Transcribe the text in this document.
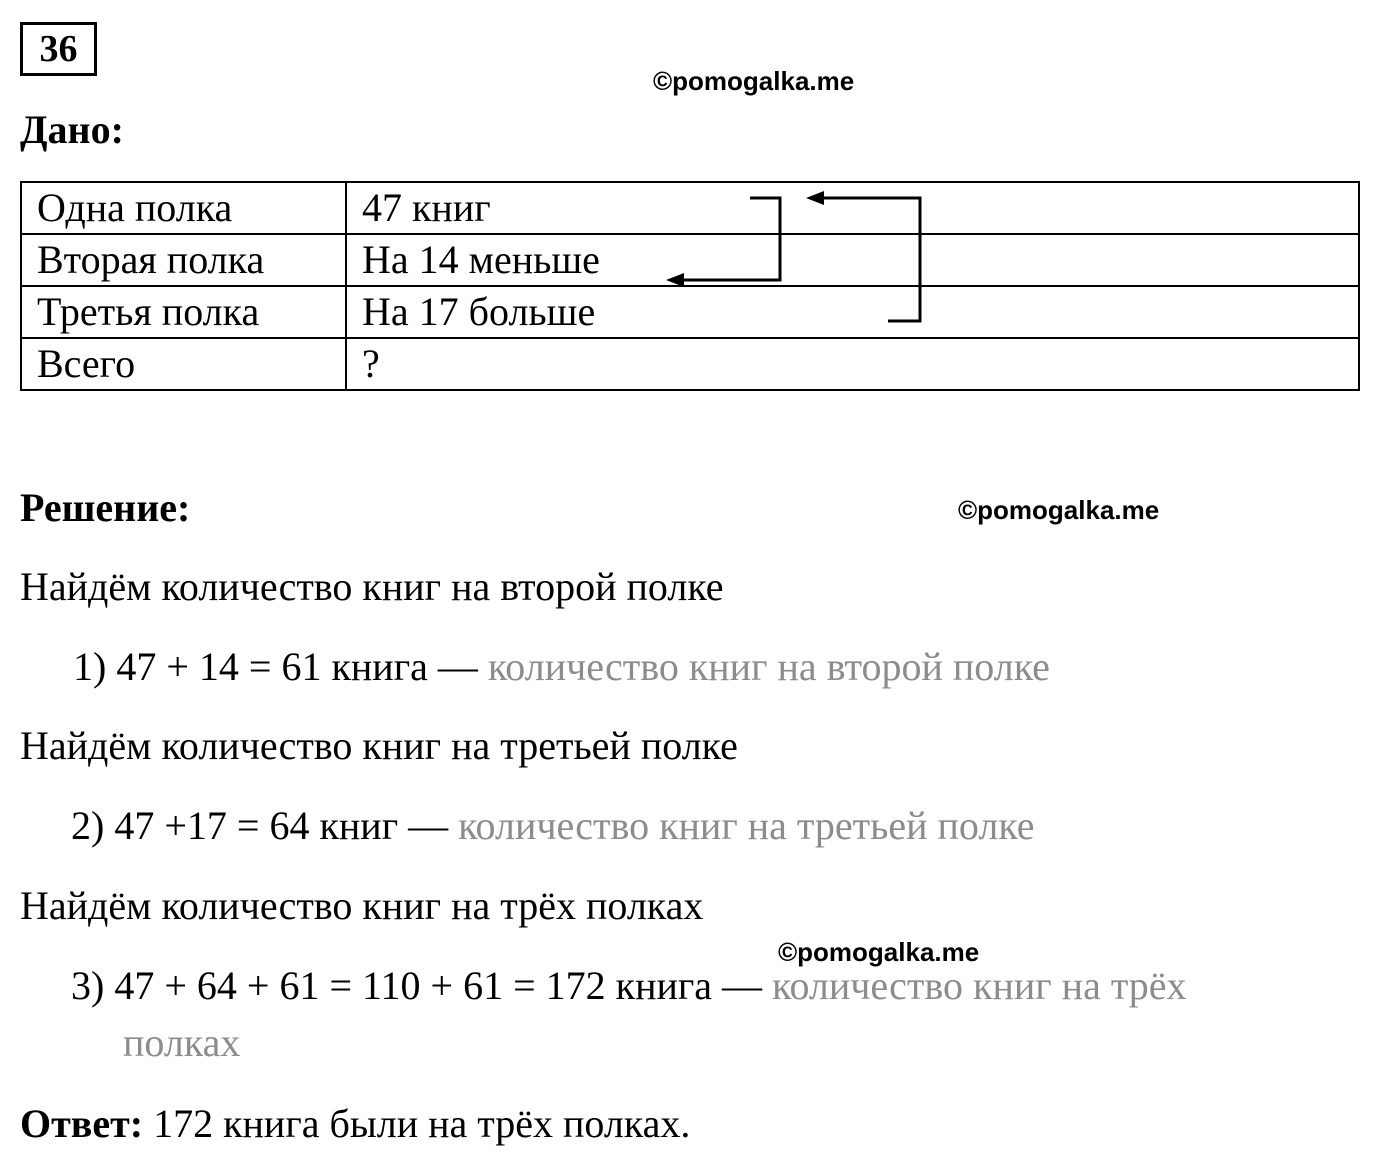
36
©pomogalka.me
©pomogalka.me
©pomogalka.me
Дано:
Одна полка	47 книг
Вторая полка	На 14 меньше
Третья полка	На 17 больше
Всего	?
Решение:
Найдём количество книг на второй полке
1) 47 + 14 = 61 книга — количество книг на второй полке
Найдём количество книг на третьей полке
2) 47 +17 = 64 книг — количество книг на третьей полке
Найдём количество книг на трёх полках
3) 47 + 64 + 61 = 110 + 61 = 172 книга — количество книг на трёх
полках
Ответ: 172 книга были на трёх полках.
